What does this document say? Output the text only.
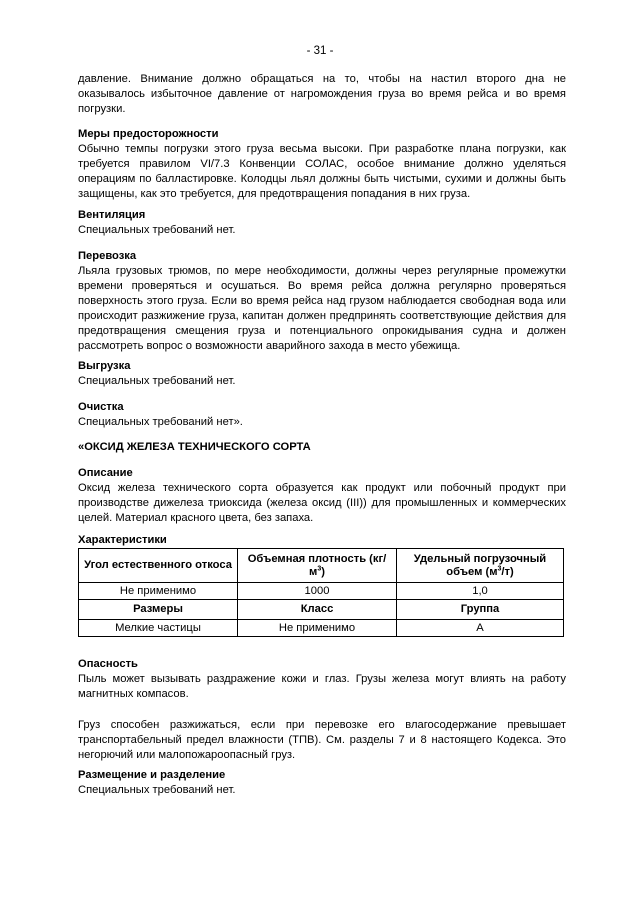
- 31 -

давление. Внимание должно обращаться на то, чтобы на настил второго дна не оказывалось избыточное давление от нагромождения груза во время рейса и во время погрузки.

Меры предосторожности

Обычно темпы погрузки этого груза весьма высоки. При разработке плана погрузки, как требуется правилом VI/7.3 Конвенции СОЛАС, особое внимание должно уделяться операциям по балластировке. Колодцы льял должны быть чистыми, сухими и должны быть защищены, как это требуется, для предотвращения попадания в них груза.

Вентиляция

Специальных требований нет.

Перевозка

Льяла грузовых трюмов, по мере необходимости, должны через регулярные промежутки времени проверяться и осушаться. Во время рейса должна регулярно проверяться поверхность этого груза. Если во время рейса над грузом наблюдается свободная вода или происходит разжижение груза, капитан должен предпринять соответствующие действия для предотвращения смещения груза и потенциального опрокидывания судна и должен рассмотреть вопрос о возможности аварийного захода в место убежища.

Выгрузка

Специальных требований нет.

Очистка

Специальных требований нет».

«ОКСИД ЖЕЛЕЗА ТЕХНИЧЕСКОГО СОРТА
Описание

Оксид железа технического сорта образуется как продукт или побочный продукт при производстве дижелеза триоксида (железа оксид (III)) для промышленных и коммерческих целей. Материал красного цвета, без запаха.

Характеристики
Угол естественного откоса	Объемная плотность $(кг/м^3)$	Удельный погрузочный объем $(м^3/т)$
Не применимо	1000	1,0
Размеры	Класс	Группа
Мелкие частицы	Не применимо	А
Опасность

Пыль может вызывать раздражение кожи и глаз. Грузы железа могут влиять на работу магнитных компасов.

Груз способен разжижаться, если при перевозке его влагосодержание превышает транспортабельный предел влажности (ТПВ). См. разделы 7 и 8 настоящего Кодекса. Это негорючий или малопожароопасный груз.

Размещение и разделение

Специальных требований нет.
